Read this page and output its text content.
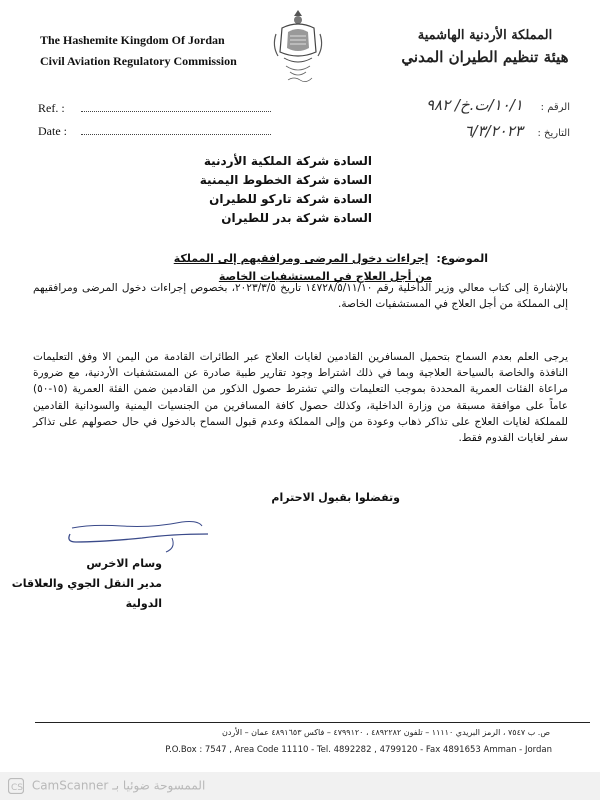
The Hashemite Kingdom Of Jordan
Civil Aviation Regulatory Commission
المملكة الأردنية الهاشمية
هيئة تنظيم الطيران المدني
Ref. :
Date :
الرقم : ١٠/١/ت.خ/ ٩٨٢
التاريخ : ٦/٣/٢٠٢٣
السادة شركة الملكية الأردنية
السادة شركة الخطوط اليمنية
السادة شركة تاركو للطيران
السادة شركة بدر للطيران
الموضوع: إجراءات دخول المرضى ومرافقيهم إلى المملكة
من أجل العلاج في المستشفيات الخاصة
بالإشارة إلى كتاب معالي وزير الداخلية رقم ١٤٧٢٨/٥/١١/١٠ تاريخ ٢٠٢٣/٣/٥، بخصوص إجراءات دخول المرضى ومرافقيهم إلى المملكة من أجل العلاج في المستشفيات الخاصة.
يرجى العلم بعدم السماح بتحميل المسافرين القادمين لغايات العلاج عبر الطائرات القادمة من اليمن الا وفق التعليمات النافذة والخاصة بالسياحة العلاجية وبما في ذلك اشتراط وجود تقارير طبية صادرة عن المستشفيات الأردنية، مع ضرورة مراعاة الفئات العمرية المحددة بموجب التعليمات والتي تشترط حصول الذكور من القادمين ضمن الفئة العمرية (١٥-٥٠) عاماً على موافقة مسبقة من وزارة الداخلية، وكذلك حصول كافة المسافرين من الجنسيات اليمنية والسودانية القادمين للمملكة لغايات العلاج على تذاكر ذهاب وعودة من وإلى المملكة وعدم قبول السماح بالدخول في حال حصولهم على تذاكر سفر لغايات القدوم فقط.
وتفضلوا بقبول الاحترام
وسام الاخرس
مدير النقل الجوي والعلاقات الدولية
ص. ب ٧٥٤٧ ، الرمز البريدي ١١١١٠ – تلفون ٤٨٩٢٢٨٢ ، ٤٧٩٩١٢٠ – فاكس ٤٨٩١٦٥٣ عمان – الأردن
P.O.Box : 7547 , Area Code 11110 - Tel. 4892282 , 4799120 - Fax 4891653 Amman - Jordan
CS CamScanner الممسوحة ضوئيا بـ
